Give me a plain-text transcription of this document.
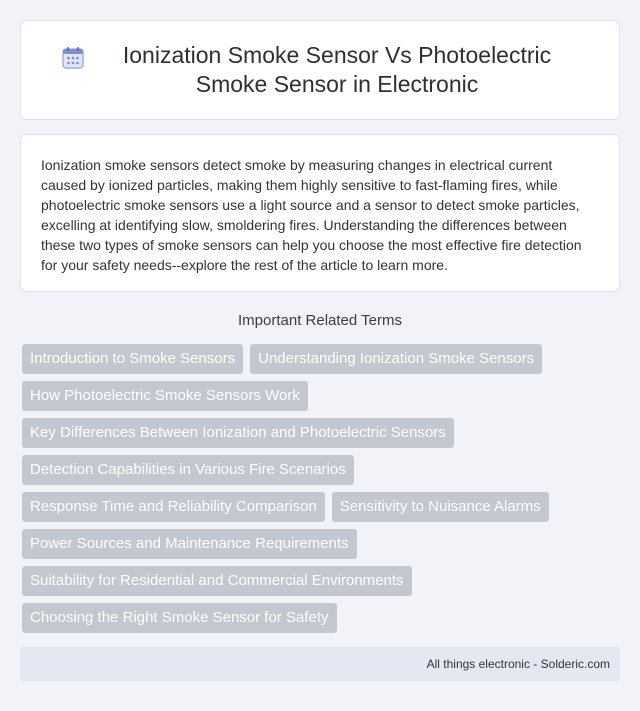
Ionization Smoke Sensor Vs Photoelectric Smoke Sensor in Electronic

Ionization smoke sensors detect smoke by measuring changes in electrical current caused by ionized particles, making them highly sensitive to fast-flaming fires, while photoelectric smoke sensors use a light source and a sensor to detect smoke particles, excelling at identifying slow, smoldering fires. Understanding the differences between these two types of smoke sensors can help you choose the most effective fire detection for your safety needs--explore the rest of the article to learn more.

Important Related Terms
Introduction to Smoke Sensors	Understanding Ionization Smoke Sensors
How Photoelectric Smoke Sensors Work
Key Differences Between Ionization and Photoelectric Sensors
Detection Capabilities in Various Fire Scenarios
Response Time and Reliability Comparison	Sensitivity to Nuisance Alarms
Power Sources and Maintenance Requirements
Suitability for Residential and Commercial Environments
Choosing the Right Smoke Sensor for Safety
All things electronic - Solderic.com
